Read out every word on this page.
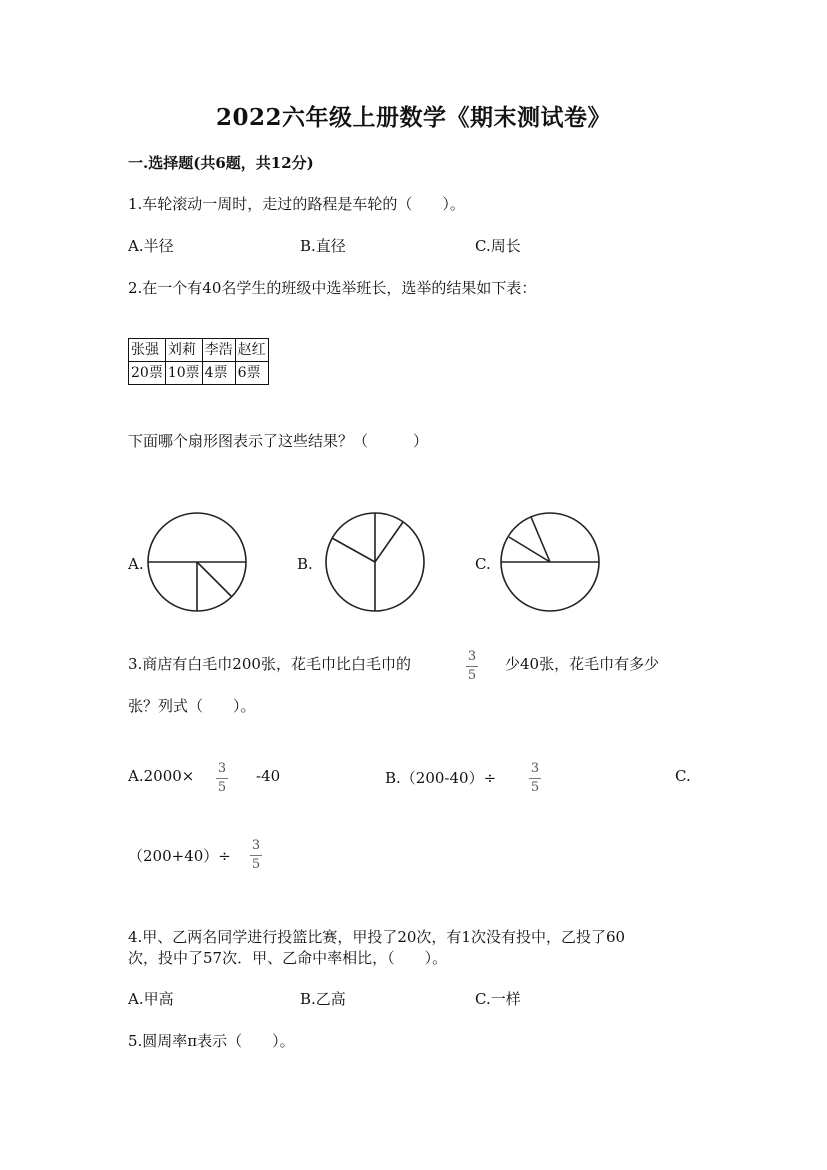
2022六年级上册数学《期末测试卷》
一.选择题(共6题，共12分)
1.车轮滚动一周时，走过的路程是车轮的（　　）。
A.半径	B.直径	C.周长
2.在一个有40名学生的班级中选举班长，选举的结果如下表：
张强	刘莉	李浩	赵红
20票	10票	4票	6票
下面哪个扇形图表示了这些结果？（　　　）
A.	B.	C.
3.商店有白毛巾200张，花毛巾比白毛巾的	3
5
少40张，花毛巾有多少
张？列式（　　）。
A.2000× 3
5
-40	B.（200-40）÷
3
5
C.
（200+40）÷
3
5
4.甲、乙两名同学进行投篮比赛，甲投了20次，有1次没有投中，乙投了60
次，投中了57次．甲、乙命中率相比，（　　）。
A.甲高	B.乙高	C.一样
5.圆周率π表示（　　）。
